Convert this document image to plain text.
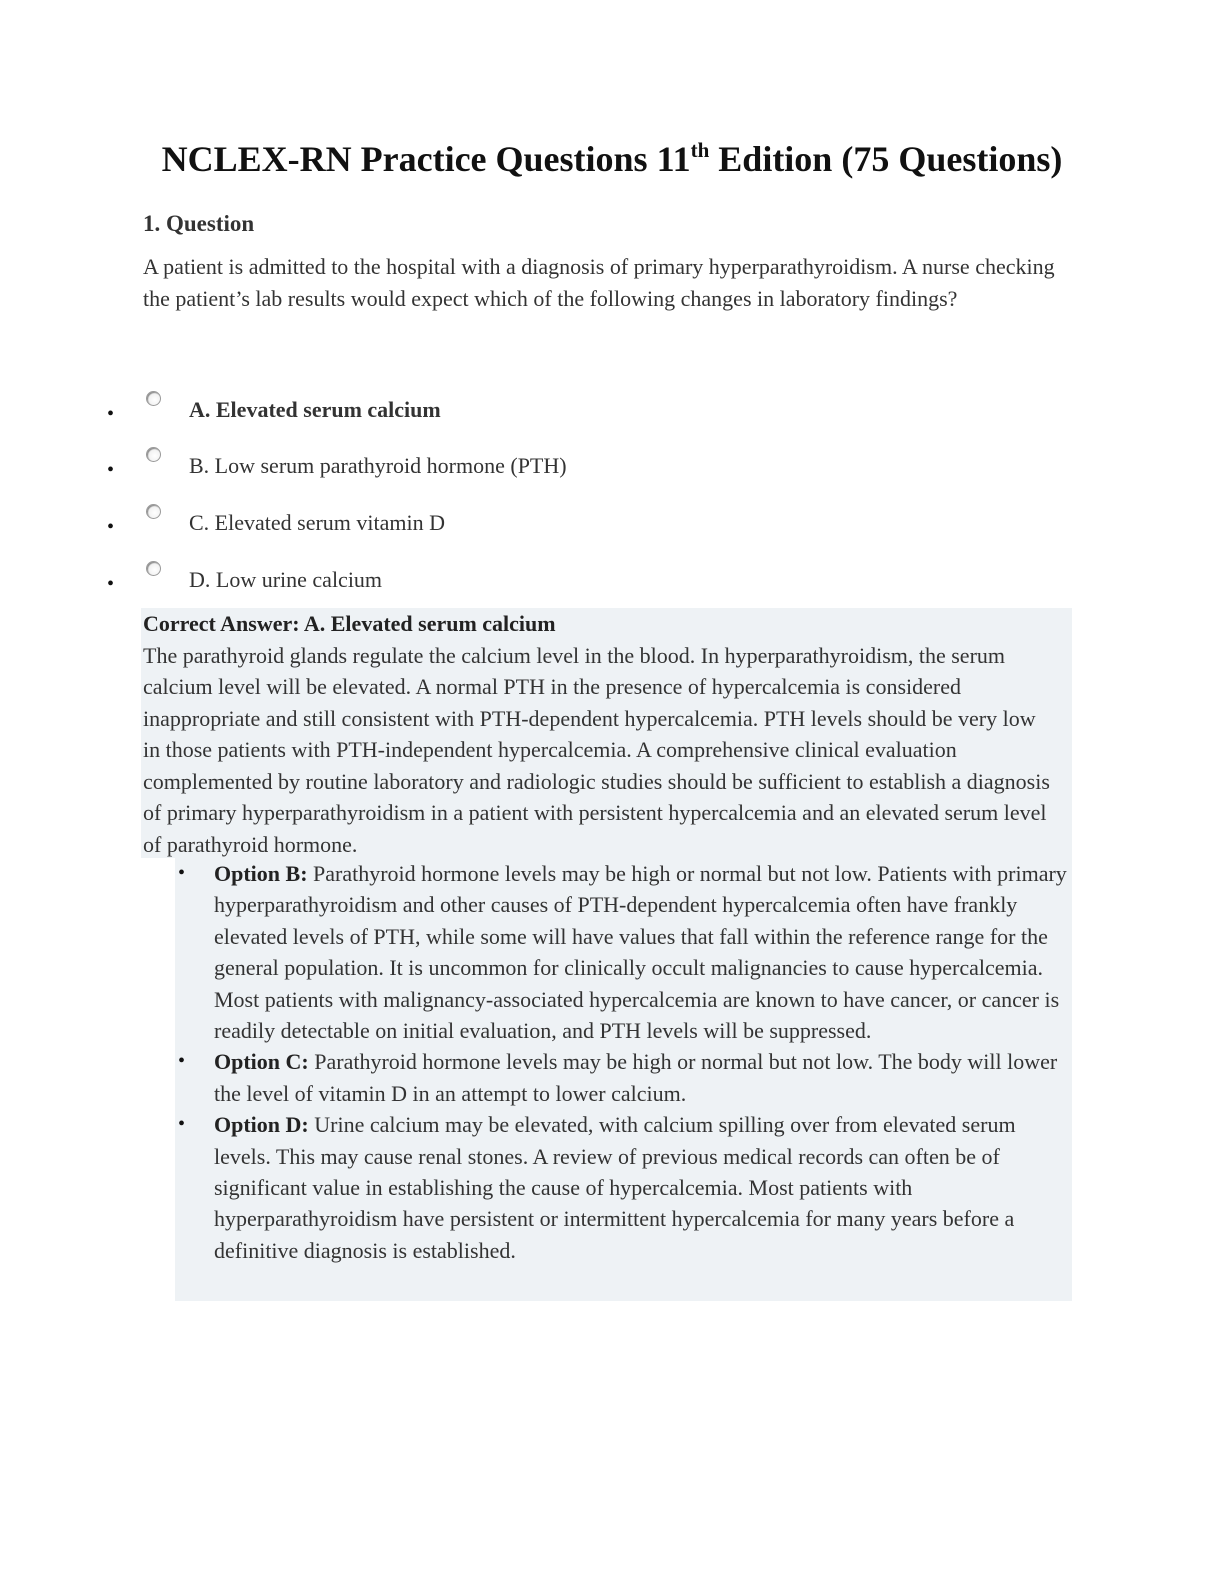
NCLEX-RN Practice Questions 11th Edition (75 Questions)
1. Question
A patient is admitted to the hospital with a diagnosis of primary hyperparathyroidism. A nurse checking the patient’s lab results would expect which of the following changes in laboratory findings?
•	A. Elevated serum calcium
•	B. Low serum parathyroid hormone (PTH)
•	C. Elevated serum vitamin D
•	D. Low urine calcium
Correct Answer: A. Elevated serum calcium
The parathyroid glands regulate the calcium level in the blood. In hyperparathyroidism, the serum calcium level will be elevated. A normal PTH in the presence of hypercalcemia is considered inappropriate and still consistent with PTH-dependent hypercalcemia. PTH levels should be very low in those patients with PTH-independent hypercalcemia. A comprehensive clinical evaluation complemented by routine laboratory and radiologic studies should be sufficient to establish a diagnosis of primary hyperparathyroidism in a patient with persistent hypercalcemia and an elevated serum level of parathyroid hormone.
• Option B: Parathyroid hormone levels may be high or normal but not low. Patients with primary hyperparathyroidism and other causes of PTH-dependent hypercalcemia often have frankly elevated levels of PTH, while some will have values that fall within the reference range for the general population. It is uncommon for clinically occult malignancies to cause hypercalcemia. Most patients with malignancy-associated hypercalcemia are known to have cancer, or cancer is readily detectable on initial evaluation, and PTH levels will be suppressed.
• Option C: Parathyroid hormone levels may be high or normal but not low. The body will lower the level of vitamin D in an attempt to lower calcium.
• Option D: Urine calcium may be elevated, with calcium spilling over from elevated serum levels. This may cause renal stones. A review of previous medical records can often be of significant value in establishing the cause of hypercalcemia. Most patients with hyperparathyroidism have persistent or intermittent hypercalcemia for many years before a definitive diagnosis is established.
